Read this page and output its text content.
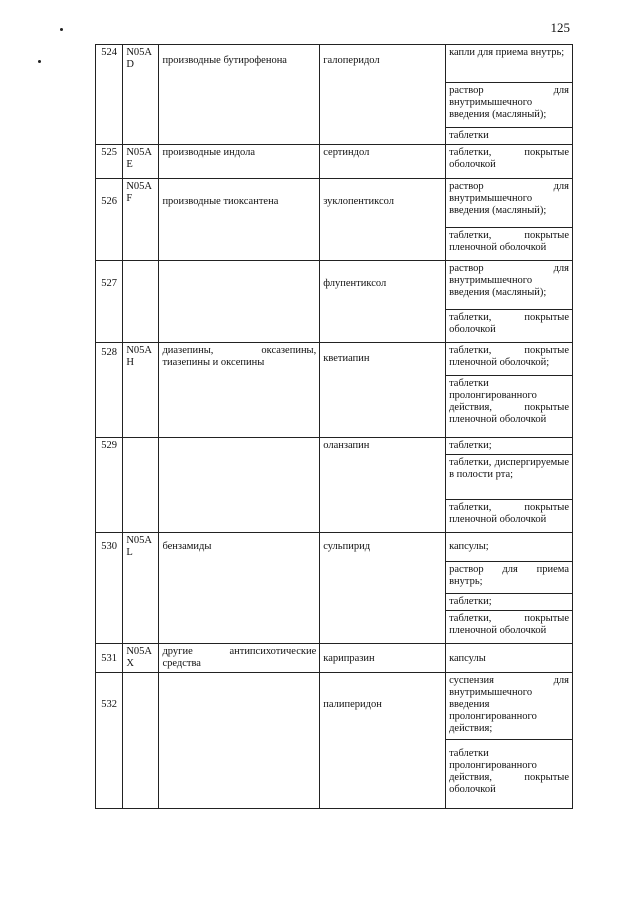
125
524	N05A D	производные бутирофенона	галоперидол	капли для приема внутрь;
				раствор для внутримышечного введения (масляный);
				таблетки
525	N05A E	производные индола	сертиндол	таблетки, покрытые оболочкой
526	N05A F	производные тиоксантена	зуклопентиксол	раствор для внутримышечного введения (масляный);
				таблетки, покрытые пленочной оболочкой
527			флупентиксол	раствор для внутримышечного введения (масляный);
				таблетки, покрытые оболочкой
528	N05A H	диазепины, оксазепины, тиазепины и оксепины	кветиапин	таблетки, покрытые пленочной оболочкой;
				таблетки пролонгированного действия, покрытые пленочной оболочкой
529			оланзапин	таблетки;
				таблетки, диспергируемые в полости рта;
				таблетки, покрытые пленочной оболочкой
530	N05A L	бензамиды	сульпирид	капсулы;
				раствор для приема внутрь;
				таблетки;
				таблетки, покрытые пленочной оболочкой
531	N05A X	другие антипсихотические средства	карипразин	капсулы
532			палиперидон	суспензия для внутримышечного введения пролонгированного действия;
				таблетки пролонгированного действия, покрытые оболочкой
